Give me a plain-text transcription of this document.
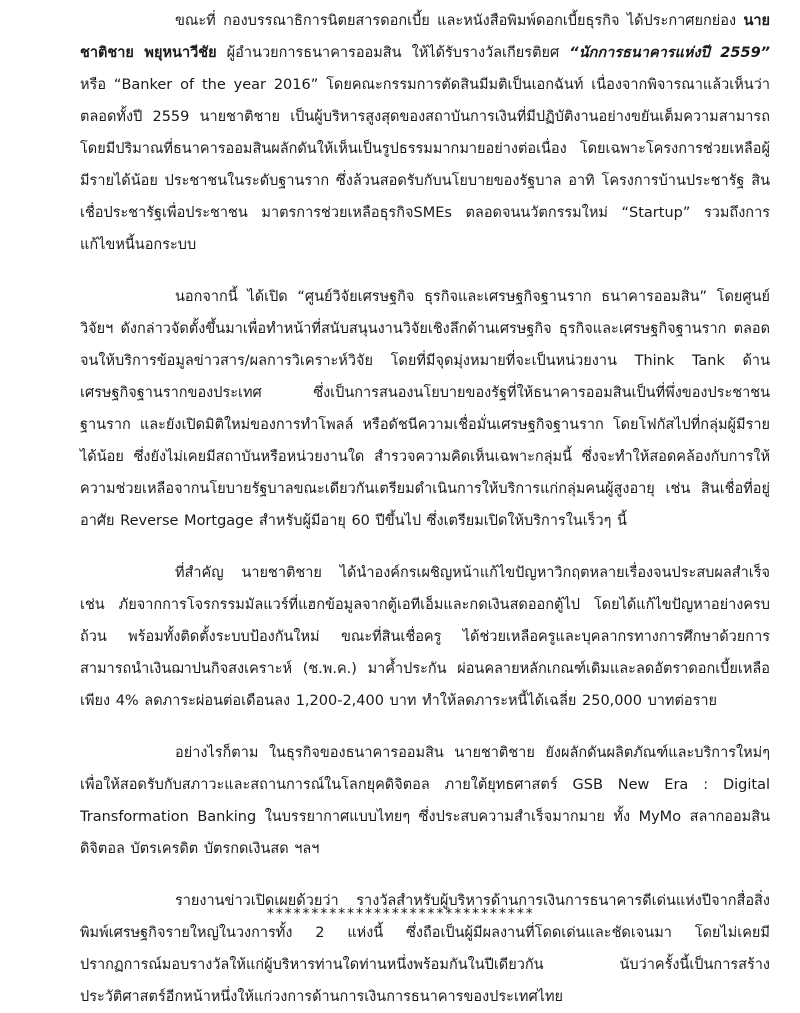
ขณะที่ กองบรรณาธิการนิตยสารดอกเบี้ย และหนังสือพิมพ์ดอกเบี้ยธุรกิจ ได้ประกาศยกย่อง นายชาติชาย พยุหนาวีชัย ผู้อำนวยการธนาคารออมสิน ให้ได้รับรางวัลเกียรติยศ “นักการธนาคารแห่งปี 2559” หรือ “Banker of the year 2016” โดยคณะกรรมการตัดสินมีมติเป็นเอกฉันท์ เนื่องจากพิจารณาแล้วเห็นว่าตลอดทั้งปี 2559 นายชาติชาย เป็นผู้บริหารสูงสุดของสถาบันการเงินที่มีปฏิบัติงานอย่างขยันเต็มความสามารถ โดยมีปริมาณที่ธนาคารออมสินผลักดันให้เห็นเป็นรูปธรรมมากมายอย่างต่อเนื่อง โดยเฉพาะโครงการช่วยเหลือผู้มีรายได้น้อย ประชาชนในระดับฐานราก ซึ่งล้วนสอดรับกับนโยบายของรัฐบาล อาทิ โครงการบ้านประชารัฐ สินเชื่อประชารัฐเพื่อประชาชน มาตรการช่วยเหลือธุรกิจSMEs ตลอดจนนวัตกรรมใหม่ “Startup” รวมถึงการแก้ไขหนี้นอกระบบ

นอกจากนี้ ได้เปิด “ศูนย์วิจัยเศรษฐกิจ ธุรกิจและเศรษฐกิจฐานราก ธนาคารออมสิน” โดยศูนย์วิจัยฯ ดังกล่าวจัดตั้งขึ้นมาเพื่อทำหน้าที่สนับสนุนงานวิจัยเชิงลึกด้านเศรษฐกิจ ธุรกิจและเศรษฐกิจฐานราก ตลอดจนให้บริการข้อมูลข่าวสาร/ผลการวิเคราะห์วิจัย โดยที่มีจุดมุ่งหมายที่จะเป็นหน่วยงาน Think Tank ด้านเศรษฐกิจฐานรากของประเทศ ซึ่งเป็นการสนองนโยบายของรัฐที่ให้ธนาคารออมสินเป็นที่พึ่งของประชาชนฐานราก และยังเปิดมิติใหม่ของการทำโพลล์ หรือดัชนีความเชื่อมั่นเศรษฐกิจฐานราก โดยโฟกัสไปที่กลุ่มผู้มีรายได้น้อย ซึ่งยังไม่เคยมีสถาบันหรือหน่วยงานใด สำรวจความคิดเห็นเฉพาะกลุ่มนี้ ซึ่งจะทำให้สอดคล้องกับการให้ความช่วยเหลือจากนโยบายรัฐบาลขณะเดียวกันเตรียมดำเนินการให้บริการแก่กลุ่มคนผู้สูงอายุ เช่น สินเชื่อที่อยู่อาศัย Reverse Mortgage สำหรับผู้มีอายุ 60 ปีขึ้นไป ซึ่งเตรียมเปิดให้บริการในเร็วๆ นี้

ที่สำคัญ นายชาติชาย ได้นำองค์กรเผชิญหน้าแก้ไขปัญหาวิกฤตหลายเรื่องจนประสบผลสำเร็จ เช่น ภัยจากการโจรกรรมมัลแวร์ที่แฮกข้อมูลจากตู้เอทีเอ็มและกดเงินสดออกตู้ไป โดยได้แก้ไขปัญหาอย่างครบถ้วน พร้อมทั้งติดตั้งระบบป้องกันใหม่ ขณะที่สินเชื่อครู ได้ช่วยเหลือครูและบุคลากรทางการศึกษาด้วยการสามารถนำเงินฌาปนกิจสงเคราะห์ (ช.พ.ค.) มาค้ำประกัน ผ่อนคลายหลักเกณฑ์เดิมและลดอัตราดอกเบี้ยเหลือเพียง 4% ลดภาระผ่อนต่อเดือนลง 1,200-2,400 บาท ทำให้ลดภาระหนี้ได้เฉลี่ย 250,000 บาทต่อราย

อย่างไรก็ตาม ในธุรกิจของธนาคารออมสิน นายชาติชาย ยังผลักดันผลิตภัณฑ์และบริการใหม่ๆ เพื่อให้สอดรับกับสภาวะและสถานการณ์ในโลกยุคดิจิตอล ภายใต้ยุทธศาสตร์ GSB New Era : Digital Transformation Banking ในบรรยากาศแบบไทยๆ ซึ่งประสบความสำเร็จมากมาย ทั้ง MyMo สลากออมสินดิจิตอล บัตรเครดิต บัตรกดเงินสด ฯลฯ

รายงานข่าวเปิดเผยด้วยว่า รางวัลสำหรับผู้บริหารด้านการเงินการธนาคารดีเด่นแห่งปีจากสื่อสิ่งพิมพ์เศรษฐกิจรายใหญ่ในวงการทั้ง 2 แห่งนี้ ซึ่งถือเป็นผู้มีผลงานที่โดดเด่นและชัดเจนมา โดยไม่เคยมีปรากฏการณ์มอบรางวัลให้แก่ผู้บริหารท่านใดท่านหนึ่งพร้อมกันในปีเดียวกัน นับว่าครั้งนี้เป็นการสร้างประวัติศาสตร์อีกหน้าหนึ่งให้แก่วงการด้านการเงินการธนาคารของประเทศไทย

******************************
